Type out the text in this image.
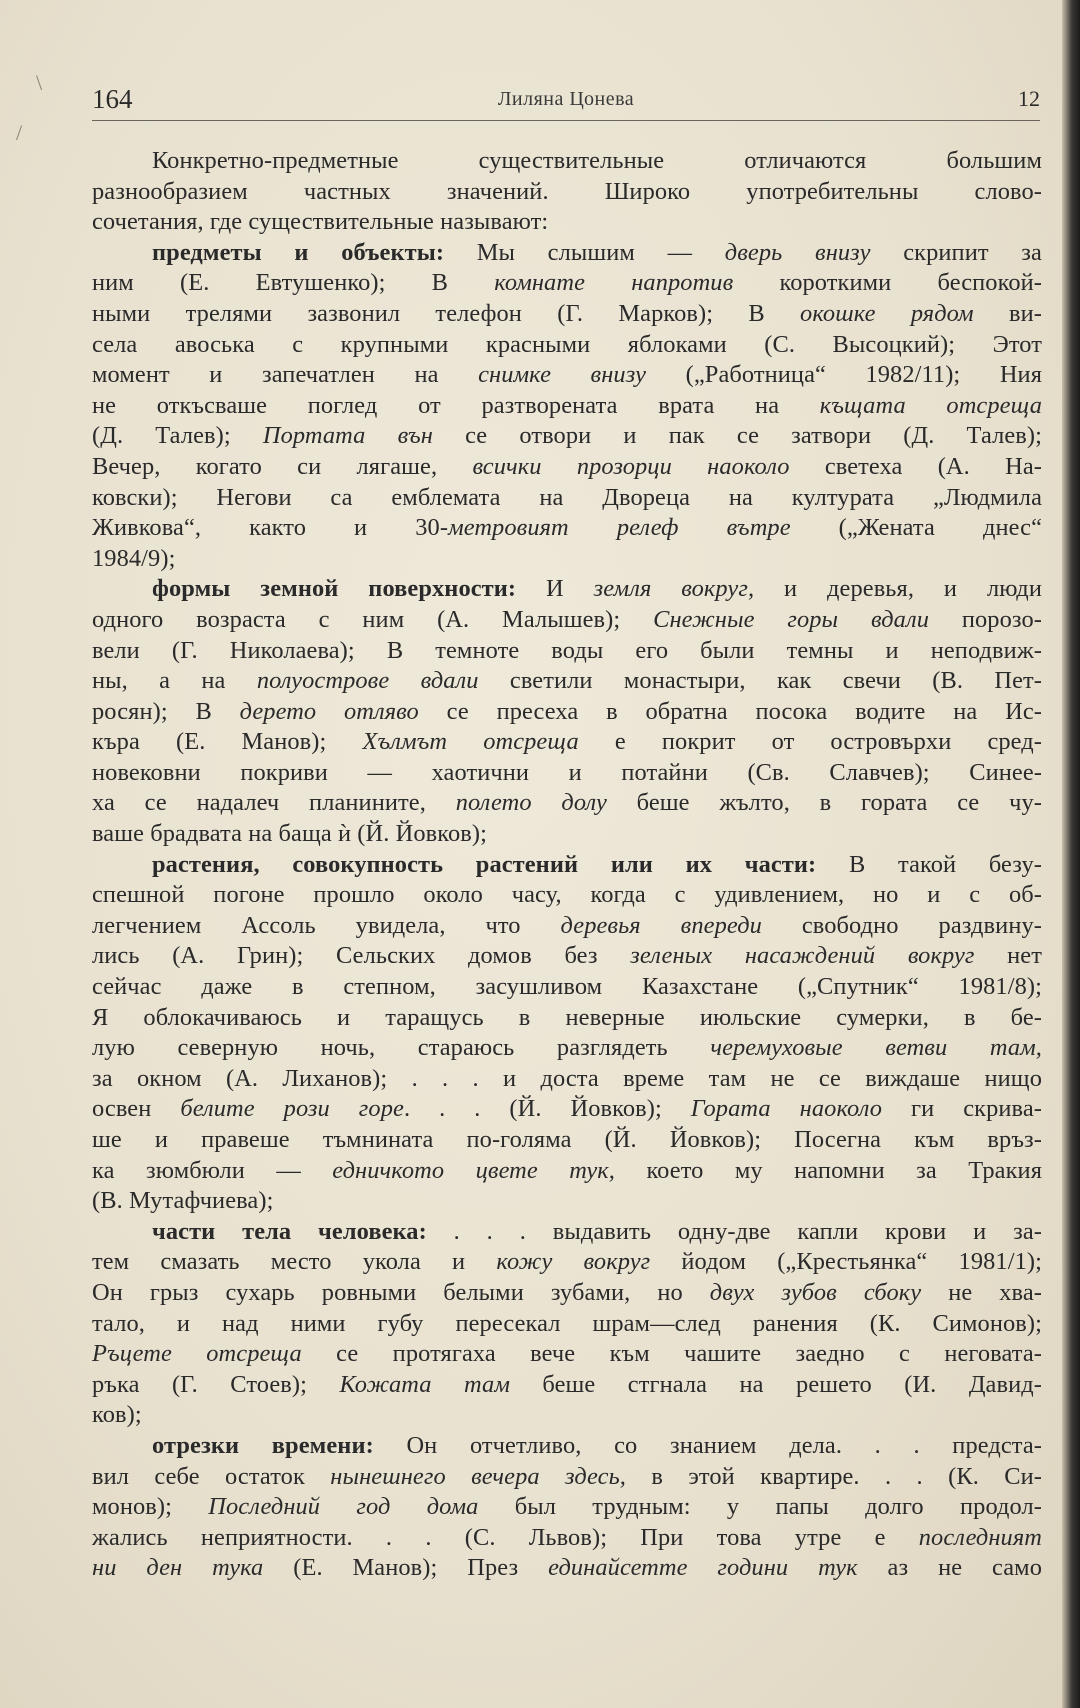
\
/
164	Лиляна Цонева	12
Конкретно-предметные существительные отличаются большим
разнообразием частных значений. Широко употребительны слово-
сочетания, где существительные называют:
предметы и объекты: Мы слышим — дверь внизу скрипит за
ним (Е. Евтушенко); В комнате напротив короткими беспокой-
ными трелями зазвонил телефон (Г. Марков); В окошке рядом ви-
села авоська с крупными красными яблоками (С. Высоцкий); Этот
момент и запечатлен на снимке внизу („Работница“ 1982/11); Ния
не откъсваше поглед от разтворената врата на къщата отсреща
(Д. Талев); Портата вън се отвори и пак се затвори (Д. Талев);
Вечер, когато си лягаше, всички прозорци наоколо светеха (А. На-
ковски); Негови са емблемата на Двореца на културата „Людмила
Живкова“, както и 30-метровият релеф вътре („Жената днес“
1984/9);
формы земной поверхности: И земля вокруг, и деревья, и люди
одного возраста с ним (А. Малышев); Снежные горы вдали порозо-
вели (Г. Николаева); В темноте воды его были темны и неподвиж-
ны, а на полуострове вдали светили монастыри, как свечи (В. Пет-
росян); В дерето отляво се пресеха в обратна посока водите на Ис-
къра (Е. Манов); Хълмът отсреща е покрит от островърхи сред-
новековни покриви — хаотични и потайни (Св. Славчев); Синее-
ха се надалеч планините, полето долу беше жълто, в гората се чу-
ваше брадвата на баща ѝ (Й. Йовков);
растения, совокупность растений или их части: В такой безу-
спешной погоне прошло около часу, когда с удивлением, но и с об-
легчением Ассоль увидела, что деревья впереди свободно раздвину-
лись (А. Грин); Сельских домов без зеленых насаждений вокруг нет
сейчас даже в степном, засушливом Казахстане („Спутник“ 1981/8);
Я облокачиваюсь и таращусь в неверные июльские сумерки, в бе-
лую северную ночь, стараюсь разглядеть черемуховые ветви там,
за окном (А. Лиханов); . . . и доста време там не се виждаше нищо
освен белите рози горе. . . (Й. Йовков); Гората наоколо ги скрива-
ше и правеше тъмнината по-голяма (Й. Йовков); Посегна към връз-
ка зюмбюли — едничкото цвете тук, което му напомни за Тракия
(В. Мутафчиева);
части тела человека: . . . выдавить одну-две капли крови и за-
тем смазать место укола и кожу вокруг йодом („Крестьянка“ 1981/1);
Он грыз сухарь ровными белыми зубами, но двух зубов сбоку не хва-
тало, и над ними губу пересекал шрам—след ранения (К. Симонов);
Ръцете отсреща се протягаха вече към чашите заедно с неговата-
ръка (Г. Стоев); Кожата там беше стгнала на решето (И. Давид-
ков);
отрезки времени: Он отчетливо, со знанием дела. . . предста-
вил себе остаток нынешнего вечера здесь, в этой квартире. . . (К. Си-
монов); Последний год дома был трудным: у папы долго продол-
жались неприятности. . . (С. Львов); При това утре е последният
ни ден тука (Е. Манов); През единайсетте години тук аз не само
